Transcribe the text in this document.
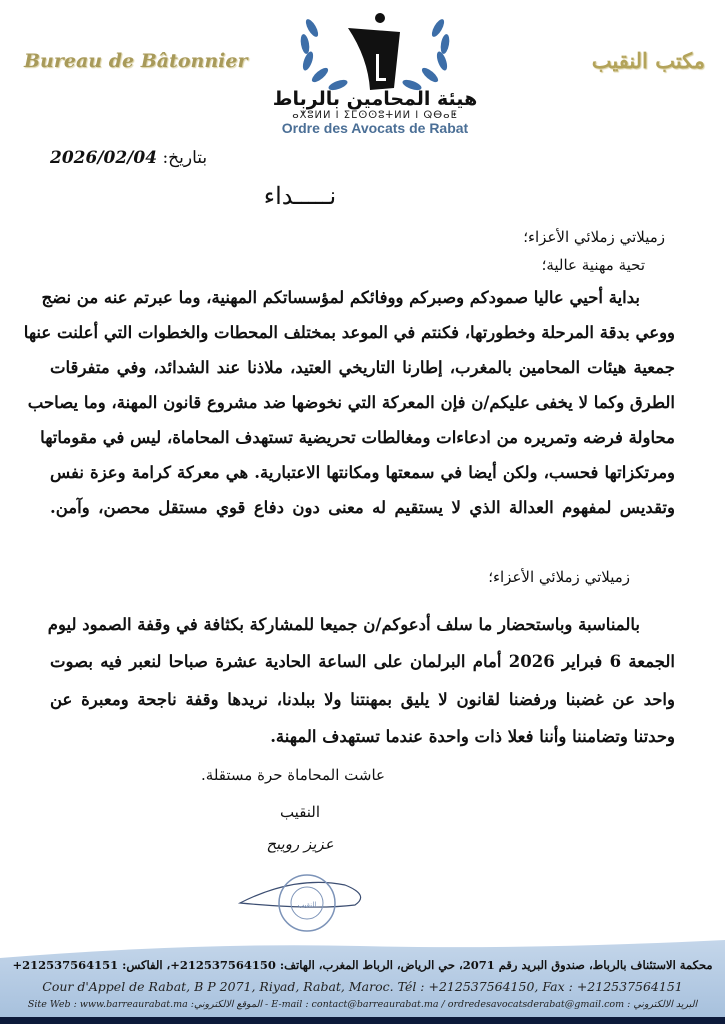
Bureau de Bâtonnier	مكتب النقيب
هيئة المحامين بالرباط
ⴰⵅⵓⵍⵍ ⵏ ⵉⵎⵙⵙⵓⵜⵍⵍ ⵏ ⵕⴱⴰⵟ
Ordre des Avocats de Rabat
بتاريخ: 2026/02/04
نـــــداء
زميلاتي زملائي الأعزاء؛
تحية مهنية عالية؛
بداية أحيي عاليا صمودكم وصبركم ووفائكم لمؤسساتكم المهنية، وما عبرتم عنه من نضج
ووعي بدقة المرحلة وخطورتها، فكنتم في الموعد بمختلف المحطات والخطوات التي أعلنت عنها
جمعية هيئات المحامين بالمغرب، إطارنا التاريخي العتيد، ملاذنا عند الشدائد، وفي متفرقات
الطرق وكما لا يخفى عليكم/ن فإن المعركة التي نخوضها ضد مشروع قانون المهنة، وما يصاحب
محاولة فرضه وتمريره من ادعاءات ومغالطات تحريضية تستهدف المحاماة، ليس في مقوماتها
ومرتكزاتها فحسب، ولكن أيضا في سمعتها ومكانتها الاعتبارية. هي معركة كرامة وعزة نفس
وتقديس لمفهوم العدالة الذي لا يستقيم له معنى دون دفاع قوي مستقل محصن، وآمن.
زميلاتي زملائي الأعزاء؛
بالمناسبة وباستحضار ما سلف أدعوكم/ن جميعا للمشاركة بكثافة في وقفة الصمود ليوم
الجمعة 6 فبراير 2026 أمام البرلمان على الساعة الحادية عشرة صباحا لنعبر فيه بصوت
واحد عن غضبنا ورفضنا لقانون لا يليق بمهنتنا ولا ببلدنا، نريدها وقفة ناجحة ومعبرة عن
وحدتنا وتضامننا وأننا فعلا ذات واحدة عندما تستهدف المهنة.
عاشت المحاماة حرة مستقلة.
النقيب
عزيز رويبح
النقيب
محكمة الاستئناف بالرباط، صندوق البريد رقم 2071، حي الرياض، الرباط المغرب، الهاتف: 212537564150+، الفاكس: 212537564151+
Cour d'Appel de Rabat, B P 2071, Riyad, Rabat, Maroc. Tél : +212537564150, Fax : +212537564151
Site Web : www.barreaurabat.ma :الموقع الالكتروني - E-mail : contact@barreaurabat.ma / ordredesavocatsderabat@gmail.com : البريد الالكتروني
